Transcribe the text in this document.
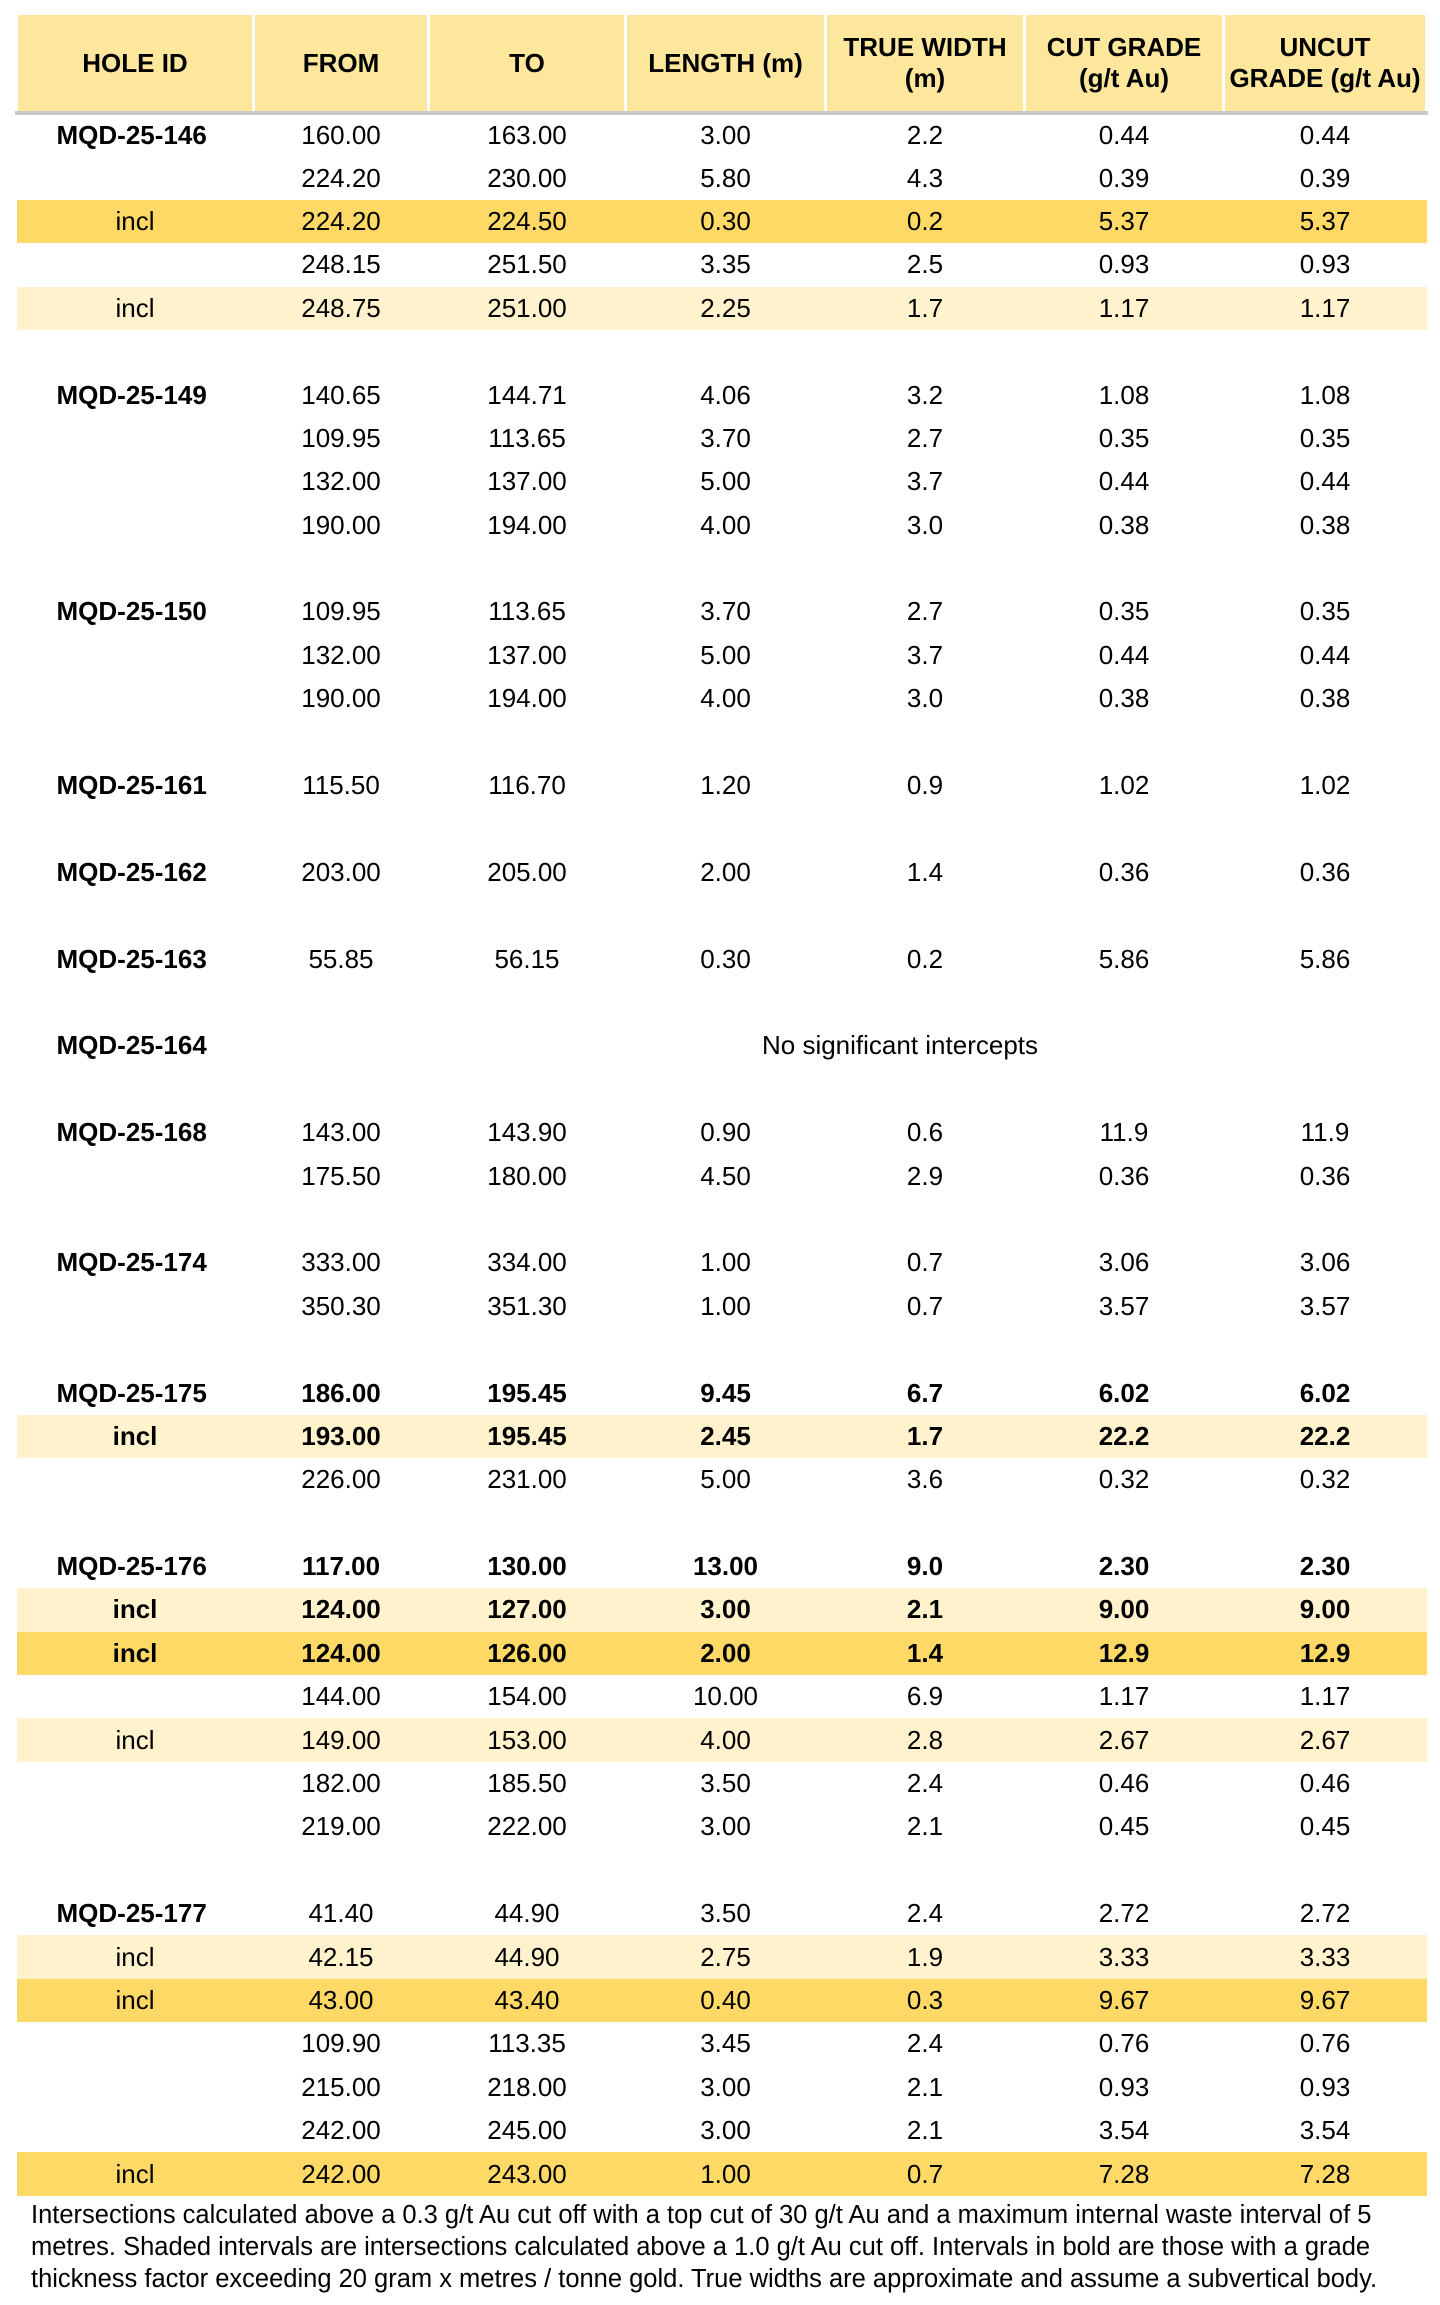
HOLE ID	FROM	TO	LENGTH (m)	TRUE WIDTH (m)	CUT GRADE (g/t Au)	UNCUT GRADE (g/t Au)
MQD-25-146	160.00	163.00	3.00	2.2	0.44	0.44
	224.20	230.00	5.80	4.3	0.39	0.39
incl	224.20	224.50	0.30	0.2	5.37	5.37
	248.15	251.50	3.35	2.5	0.93	0.93
incl	248.75	251.00	2.25	1.7	1.17	1.17

MQD-25-149	140.65	144.71	4.06	3.2	1.08	1.08
	109.95	113.65	3.70	2.7	0.35	0.35
	132.00	137.00	5.00	3.7	0.44	0.44
	190.00	194.00	4.00	3.0	0.38	0.38

MQD-25-150	109.95	113.65	3.70	2.7	0.35	0.35
	132.00	137.00	5.00	3.7	0.44	0.44
	190.00	194.00	4.00	3.0	0.38	0.38

MQD-25-161	115.50	116.70	1.20	0.9	1.02	1.02

MQD-25-162	203.00	205.00	2.00	1.4	0.36	0.36

MQD-25-163	55.85	56.15	0.30	0.2	5.86	5.86

MQD-25-164	No significant intercepts					

MQD-25-168	143.00	143.90	0.90	0.6	11.9	11.9
	175.50	180.00	4.50	2.9	0.36	0.36

MQD-25-174	333.00	334.00	1.00	0.7	3.06	3.06
	350.30	351.30	1.00	0.7	3.57	3.57

MQD-25-175	186.00	195.45	9.45	6.7	6.02	6.02
incl	193.00	195.45	2.45	1.7	22.2	22.2
	226.00	231.00	5.00	3.6	0.32	0.32

MQD-25-176	117.00	130.00	13.00	9.0	2.30	2.30
incl	124.00	127.00	3.00	2.1	9.00	9.00
incl	124.00	126.00	2.00	1.4	12.9	12.9
	144.00	154.00	10.00	6.9	1.17	1.17
incl	149.00	153.00	4.00	2.8	2.67	2.67
	182.00	185.50	3.50	2.4	0.46	0.46
	219.00	222.00	3.00	2.1	0.45	0.45

MQD-25-177	41.40	44.90	3.50	2.4	2.72	2.72
incl	42.15	44.90	2.75	1.9	3.33	3.33
incl	43.00	43.40	0.40	0.3	9.67	9.67
	109.90	113.35	3.45	2.4	0.76	0.76
	215.00	218.00	3.00	2.1	0.93	0.93
	242.00	245.00	3.00	2.1	3.54	3.54
incl	242.00	243.00	1.00	0.7	7.28	7.28
Intersections calculated above a 0.3 g/t Au cut off with a top cut of 30 g/t Au and a maximum internal waste interval of 5 metres. Shaded intervals are intersections calculated above a 1.0 g/t Au cut off. Intervals in bold are those with a grade thickness factor exceeding 20 gram x metres / tonne gold. True widths are approximate and assume a subvertical body.
